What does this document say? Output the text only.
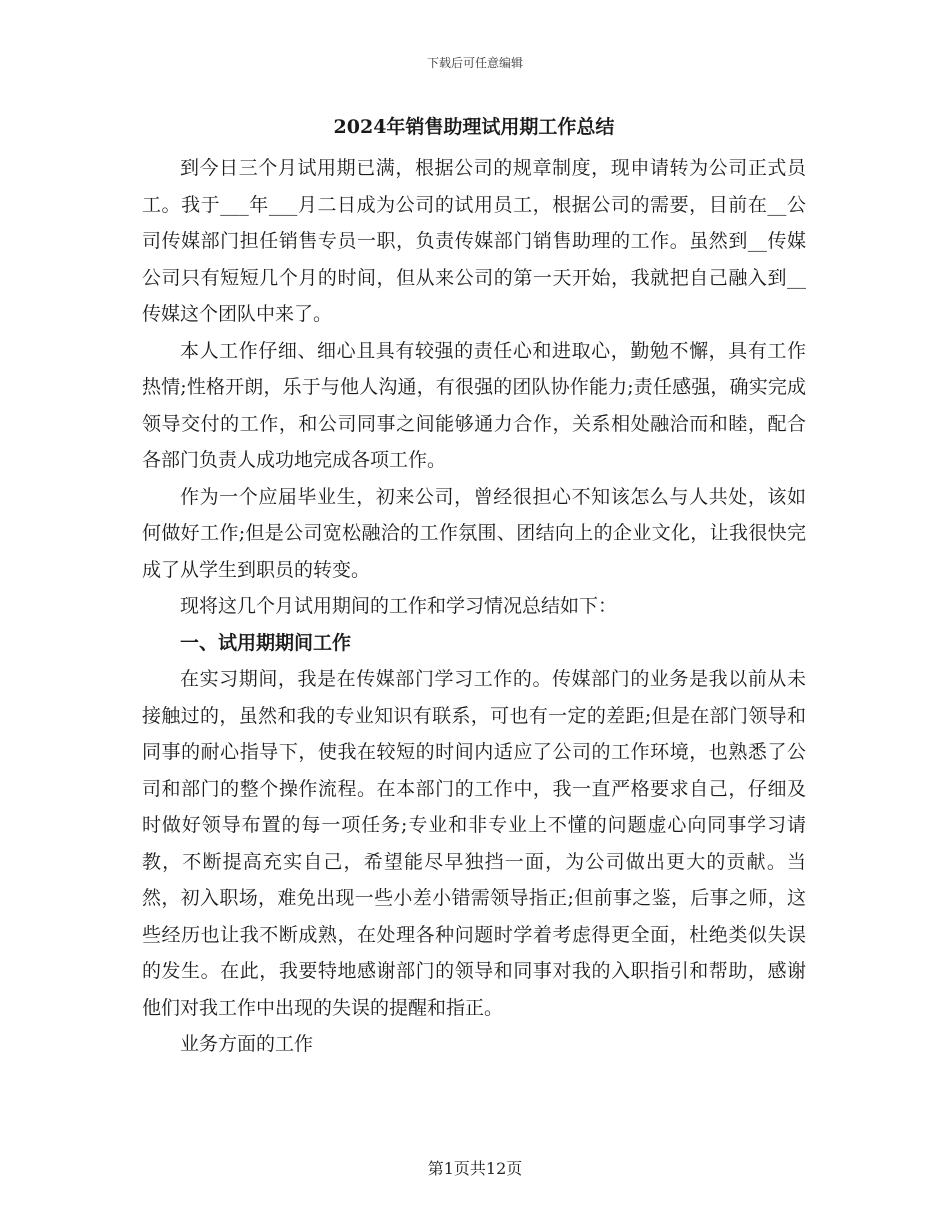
下载后可任意编辑
2024年销售助理试用期工作总结

到今日三个月试用期已满，根据公司的规章制度，现申请转为公司正式员工。我于___年___月二日成为公司的试用员工，根据公司的需要，目前在__公司传媒部门担任销售专员一职，负责传媒部门销售助理的工作。虽然到__传媒公司只有短短几个月的时间，但从来公司的第一天开始，我就把自己融入到__传媒这个团队中来了。

本人工作仔细、细心且具有较强的责任心和进取心，勤勉不懈，具有工作热情;性格开朗，乐于与他人沟通，有很强的团队协作能力;责任感强，确实完成领导交付的工作，和公司同事之间能够通力合作，关系相处融洽而和睦，配合各部门负责人成功地完成各项工作。

作为一个应届毕业生，初来公司，曾经很担心不知该怎么与人共处，该如何做好工作;但是公司宽松融洽的工作氛围、团结向上的企业文化，让我很快完成了从学生到职员的转变。

现将这几个月试用期间的工作和学习情况总结如下：

一、试用期期间工作

在实习期间，我是在传媒部门学习工作的。传媒部门的业务是我以前从未接触过的，虽然和我的专业知识有联系，可也有一定的差距;但是在部门领导和同事的耐心指导下，使我在较短的时间内适应了公司的工作环境，也熟悉了公司和部门的整个操作流程。在本部门的工作中，我一直严格要求自己，仔细及时做好领导布置的每一项任务;专业和非专业上不懂的问题虚心向同事学习请教，不断提高充实自己，希望能尽早独挡一面，为公司做出更大的贡献。当然，初入职场，难免出现一些小差小错需领导指正;但前事之鉴，后事之师，这些经历也让我不断成熟，在处理各种问题时学着考虑得更全面，杜绝类似失误的发生。在此，我要特地感谢部门的领导和同事对我的入职指引和帮助，感谢他们对我工作中出现的失误的提醒和指正。

业务方面的工作

第1页共12页
